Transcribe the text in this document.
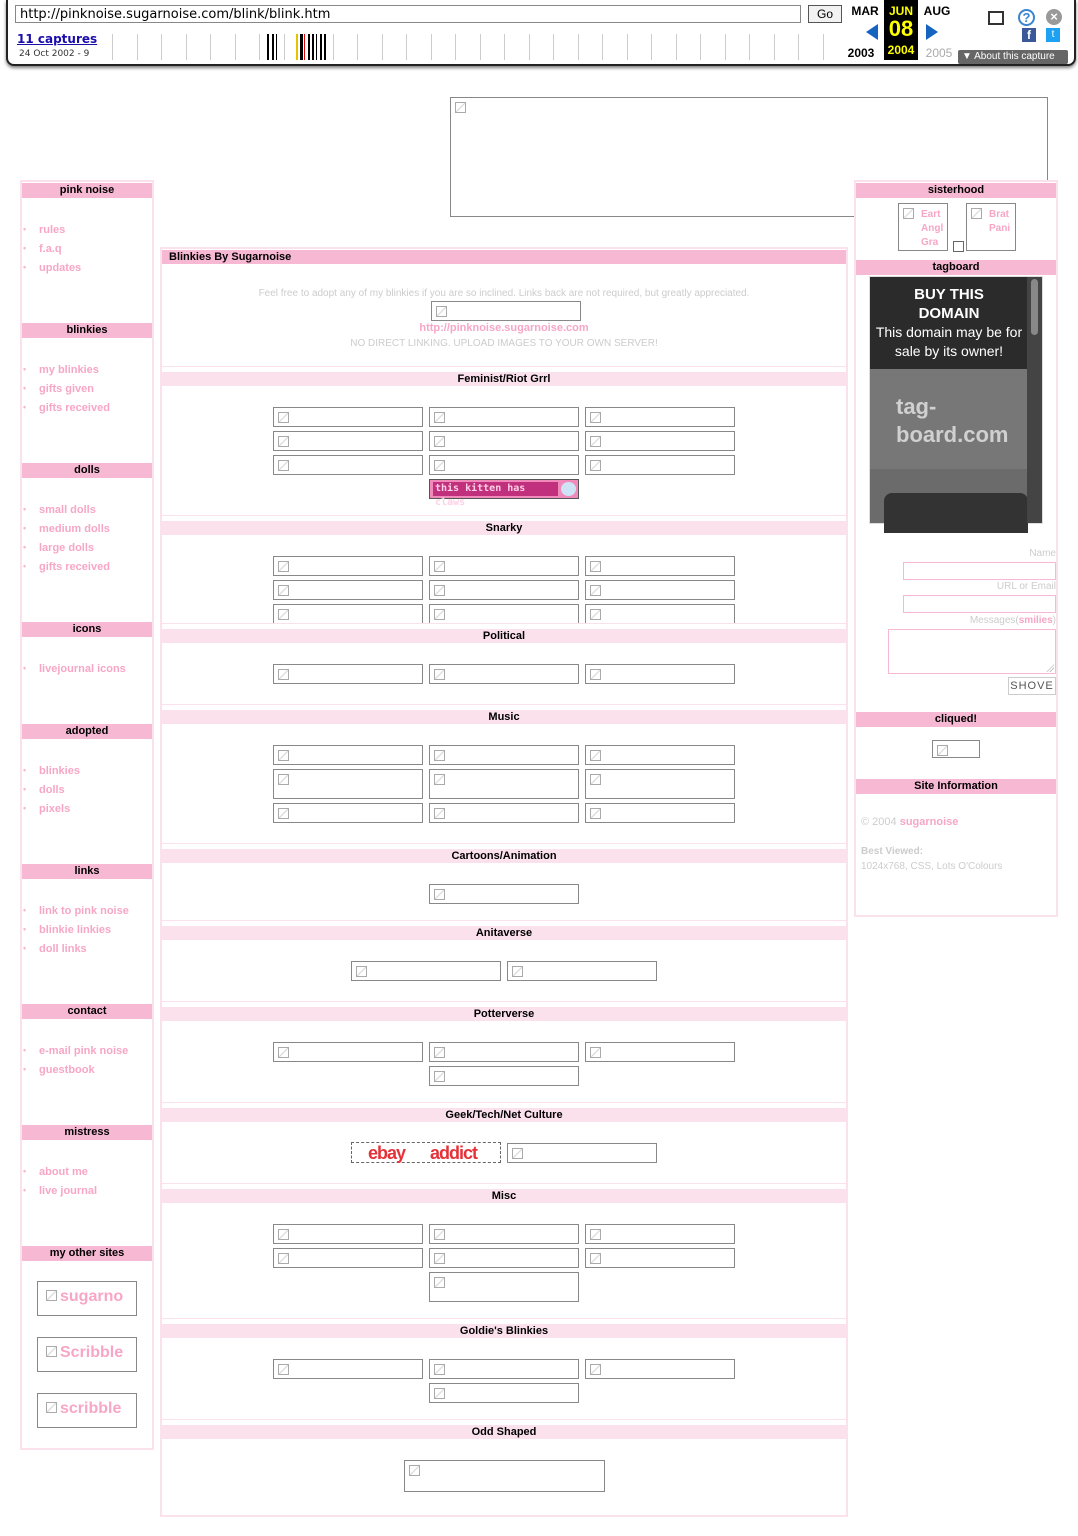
http://pinknoise.sugarnoise.com/blink/blink.htm	Go
11 captures
24 Oct 2002 - 9
MAR
2003
JUN
08
2004
AUG
2005
?	×
f	t
▼ About this capture
pink noise
• rules
• f.a.q
• updates
blinkies
• my blinkies
• gifts given
• gifts received
dolls
• small dolls
• medium dolls
• large dolls
• gifts received
icons
• livejournal icons
adopted
• blinkies
• dolls
• pixels
links
• link to pink noise
• blinkie linkies
• doll links
contact
• e-mail pink noise
• guestbook
mistress
• about me
• live journal
my other sites
sugarno
Scribble
scribble
Blinkies By Sugarnoise
Feel free to adopt any of my blinkies if you are so inclined. Links back are not required, but greatly appreciated.
http://pinknoise.sugarnoise.com
NO DIRECT LINKING. UPLOAD IMAGES TO YOUR OWN SERVER!
Feminist/Riot Grrl
Snarky
Political
Music
Cartoons/Animation
Anitaverse
Potterverse
Geek/Tech/Net Culture
Misc
Goldie's Blinkies
Odd Shaped
this kitten has claws
ebay addict
sisterhood
Eart Angl Gra
Brat Pani
tagboard
BUY THIS
DOMAIN
This domain may be for sale by its owner!
tag-
board.com
Name
URL or Email
Messages(smilies)
SHOVE
cliqued!
Site Information
© 2004 sugarnoise
Best Viewed:
1024x768, CSS, Lots O'Colours
